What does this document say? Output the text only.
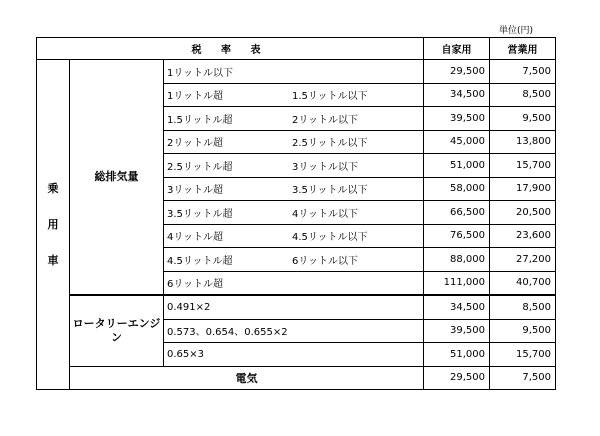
単位(円)
税 率 表			自家用	営業用

乗
用
車	総排気量	1リットル以下	29,500	7,500
		1リットル超 1.5リットル以下	34,500	8,500
		1.5リットル超 2リットル以下	39,500	9,500
		2リットル超 2.5リットル以下	45,000	13,800
		2.5リットル超 3リットル以下	51,000	15,700
		3リットル超 3.5リットル以下	58,000	17,900
		3.5リットル超 4リットル以下	66,500	20,500
		4リットル超 4.5リットル以下	76,500	23,600
		4.5リットル超 6リットル以下	88,000	27,200
		6リットル超	111,000	40,700
	ロータリーエンジン	0.491×2	34,500	8,500
		0.573、0.654、0.655×2	39,500	9,500
		0.65×3	51,000	15,700
	電気		29,500	7,500
